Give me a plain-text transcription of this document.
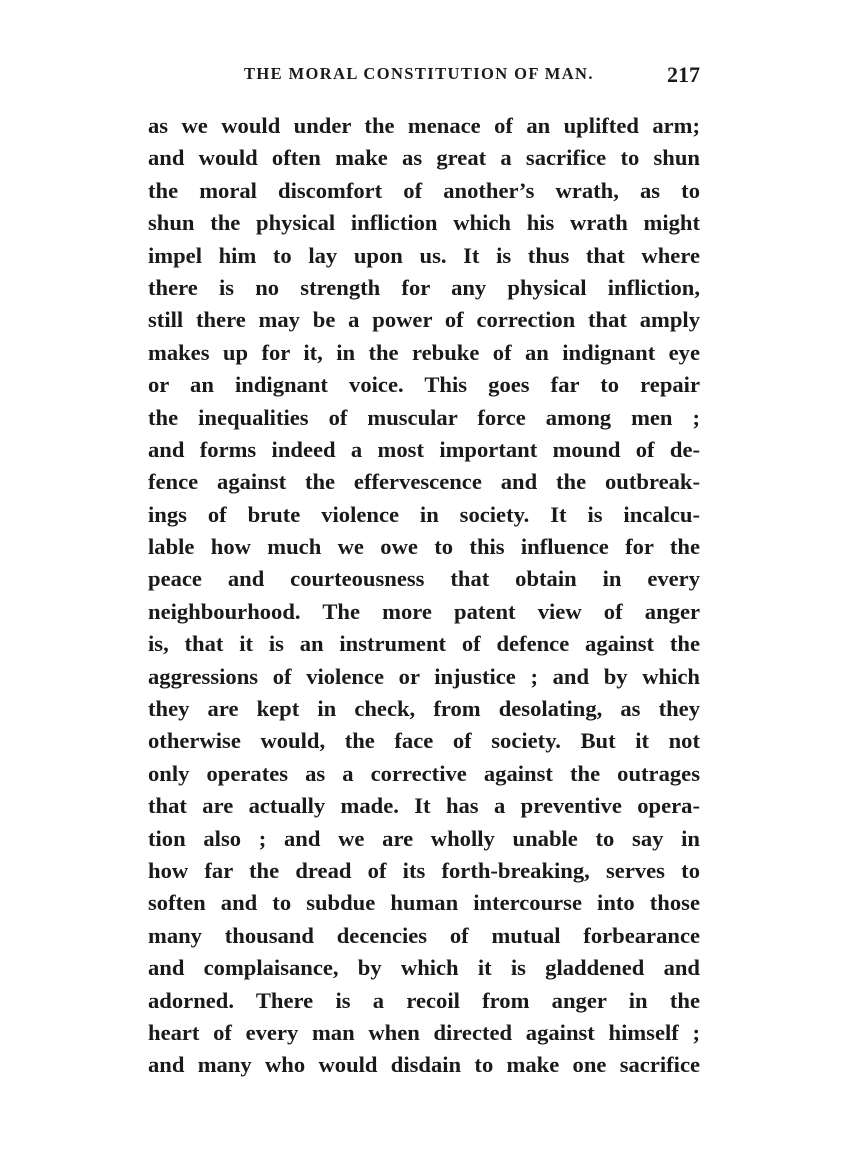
THE MORAL CONSTITUTION OF MAN.	217
as we would under the menace of an uplifted arm;
and would often make as great a sacrifice to shun
the moral discomfort of another’s wrath, as to
shun the physical infliction which his wrath might
impel him to lay upon us. It is thus that where
there is no strength for any physical infliction,
still there may be a power of correction that amply
makes up for it, in the rebuke of an indignant eye
or an indignant voice. This goes far to repair
the inequalities of muscular force among men ;
and forms indeed a most important mound of de-
fence against the effervescence and the outbreak-
ings of brute violence in society. It is incalcu-
lable how much we owe to this influence for the
peace and courteousness that obtain in every
neighbourhood. The more patent view of anger
is, that it is an instrument of defence against the
aggressions of violence or injustice ; and by which
they are kept in check, from desolating, as they
otherwise would, the face of society. But it not
only operates as a corrective against the outrages
that are actually made. It has a preventive opera-
tion also ; and we are wholly unable to say in
how far the dread of its forth-breaking, serves to
soften and to subdue human intercourse into those
many thousand decencies of mutual forbearance
and complaisance, by which it is gladdened and
adorned. There is a recoil from anger in the
heart of every man when directed against himself ;
and many who would disdain to make one sacrifice
